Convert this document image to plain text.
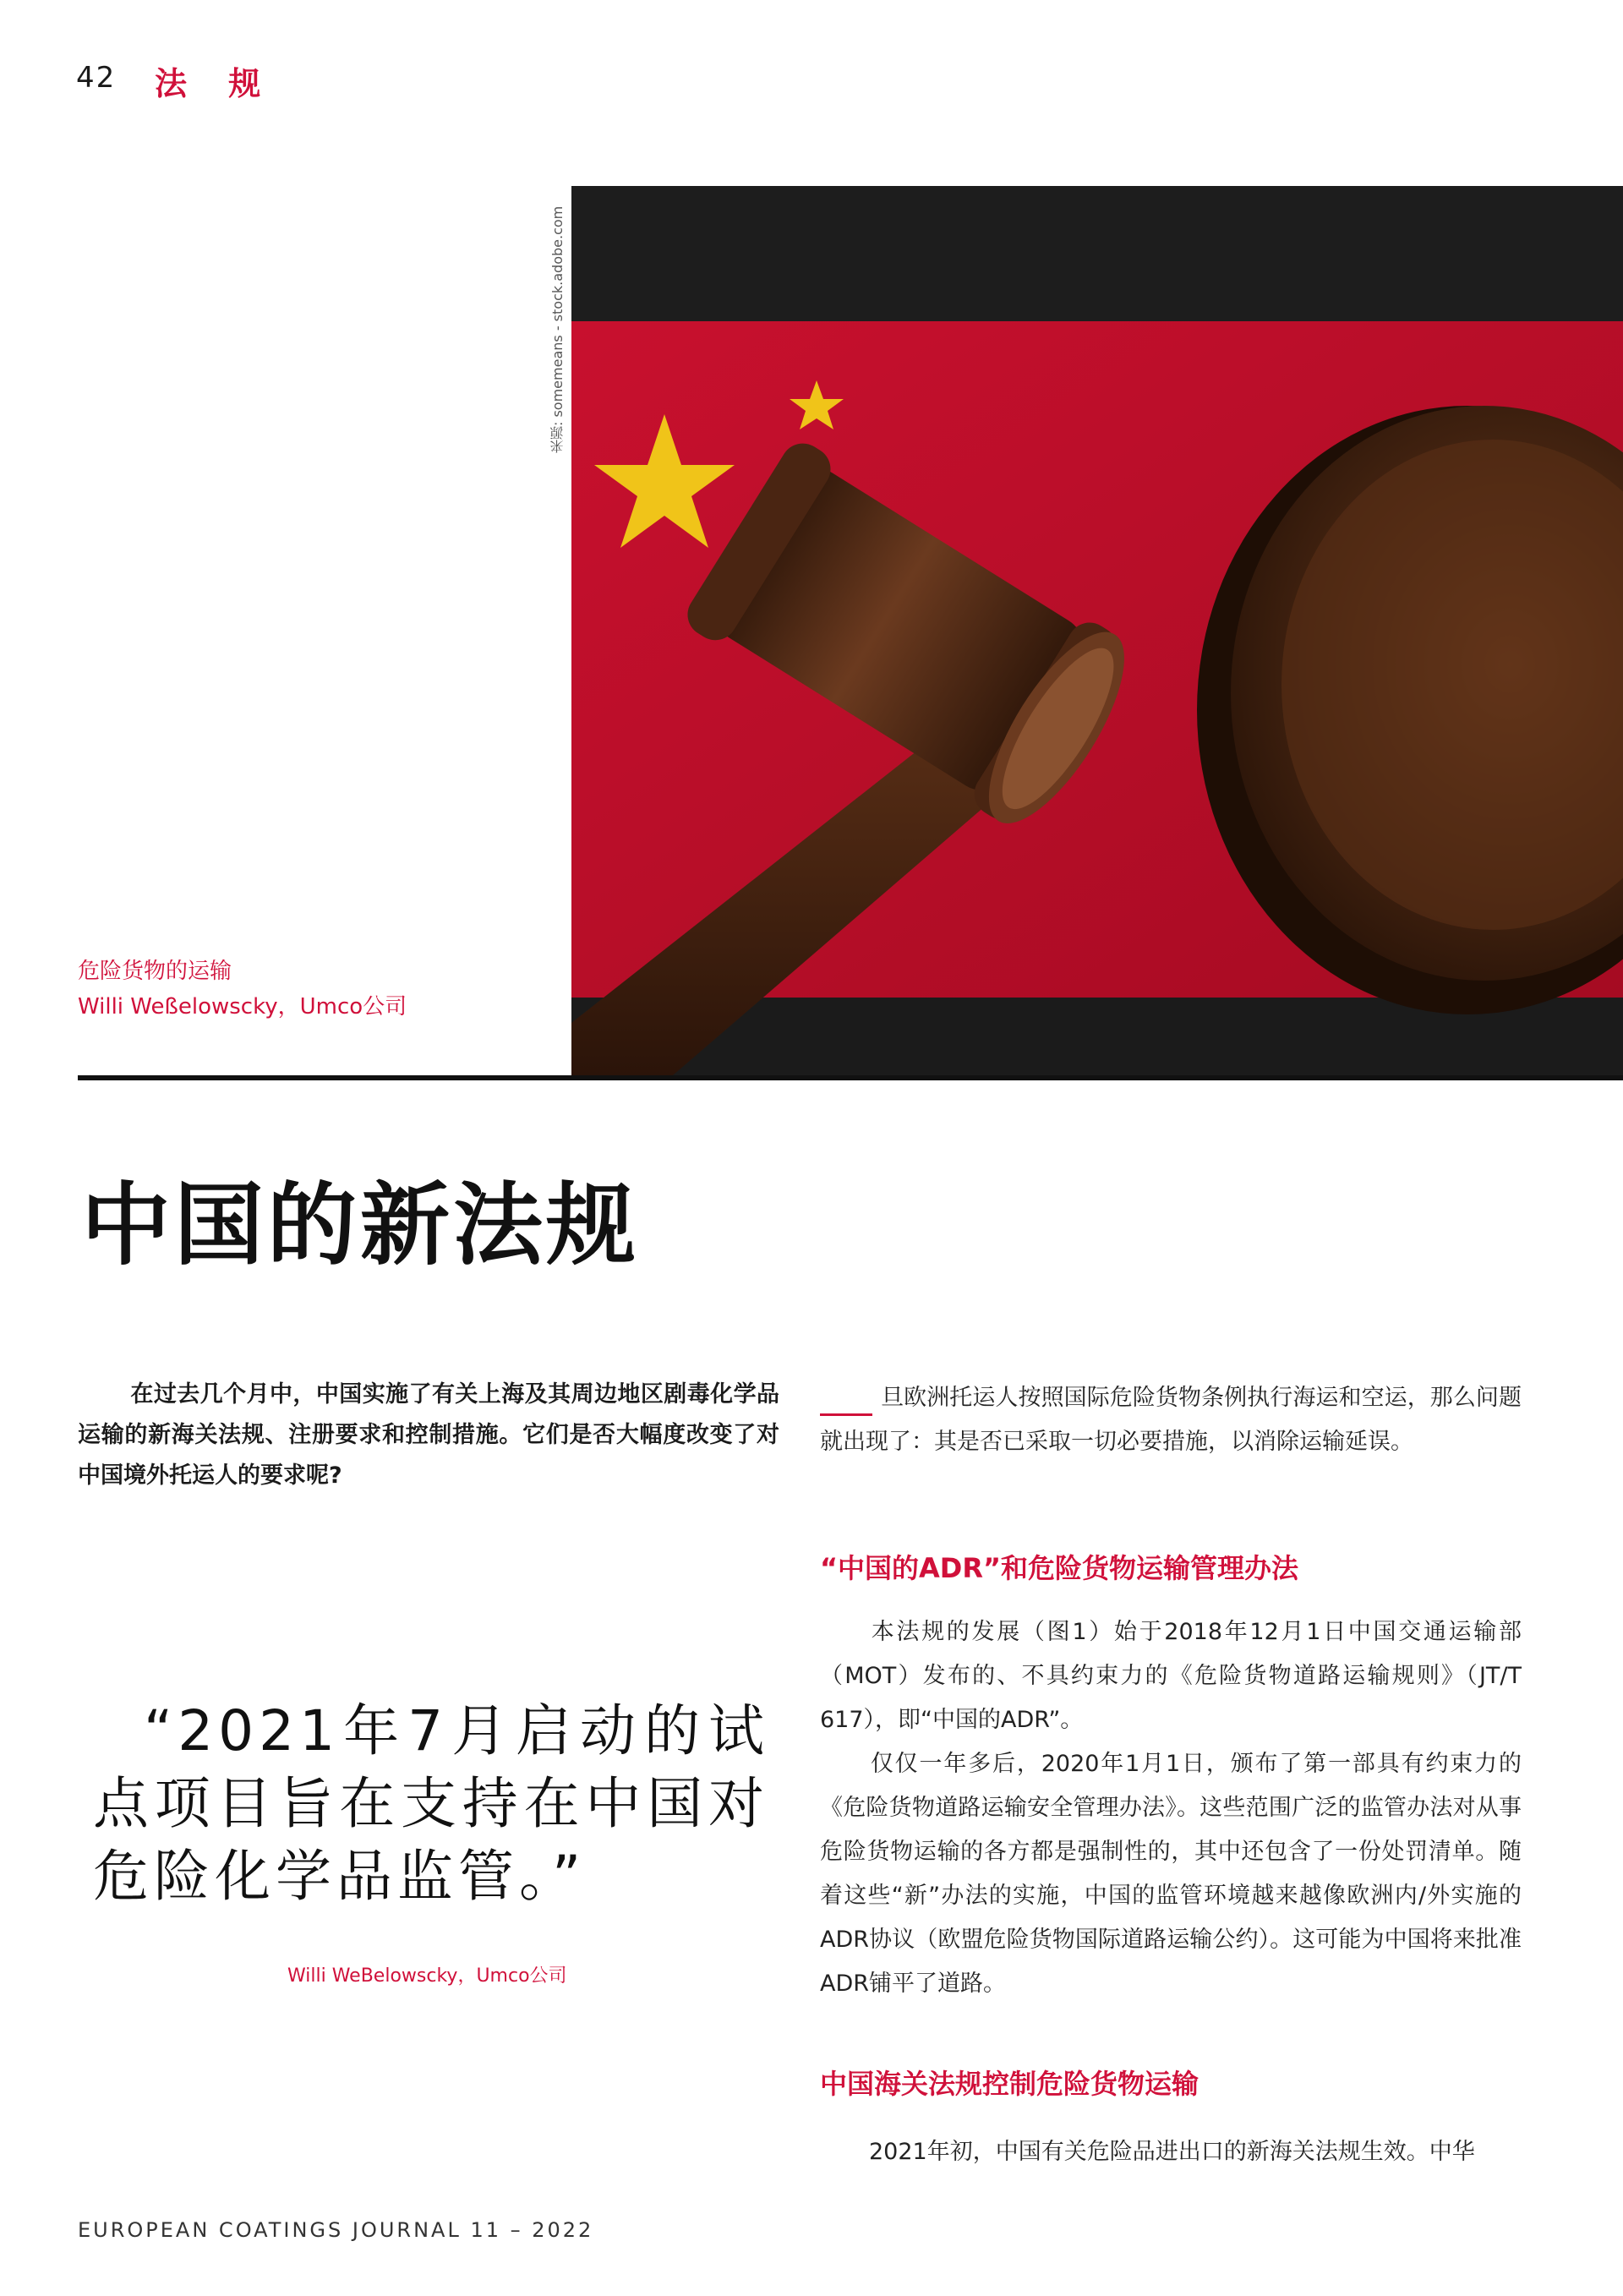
42 法 规
来源: somemeans - stock.adobe.com
危险货物的运输
Willi Weßelowscky，Umco公司
中国的新法规
在过去几个月中，中国实施了有关上海及其周边地区剧毒化学品运输的新海关法规、注册要求和控制措施。它们是否大幅度改变了对中国境外托运人的要求呢?
“2021年7月启动的试点项目旨在支持在中国对危险化学品监管。”
Willi WeBelowscky，Umco公司
旦欧洲托运人按照国际危险货物条例执行海运和空运，那么问题就出现了：其是否已采取一切必要措施，以消除运输延误。
“中国的ADR”和危险货物运输管理办法
本法规的发展（图1）始于2018年12月1日中国交通运输部（MOT）发布的、不具约束力的《危险货物道路运输规则》（JT/T 617），即“中国的ADR”。
仅仅一年多后，2020年1月1日，颁布了第一部具有约束力的《危险货物道路运输安全管理办法》。这些范围广泛的监管办法对从事危险货物运输的各方都是强制性的，其中还包含了一份处罚清单。随着这些“新”办法的实施，中国的监管环境越来越像欧洲内/外实施的ADR协议（欧盟危险货物国际道路运输公约）。这可能为中国将来批准ADR铺平了道路。
中国海关法规控制危险货物运输
2021年初，中国有关危险品进出口的新海关法规生效。中华
EUROPEAN COATINGS JOURNAL 11 – 2022
